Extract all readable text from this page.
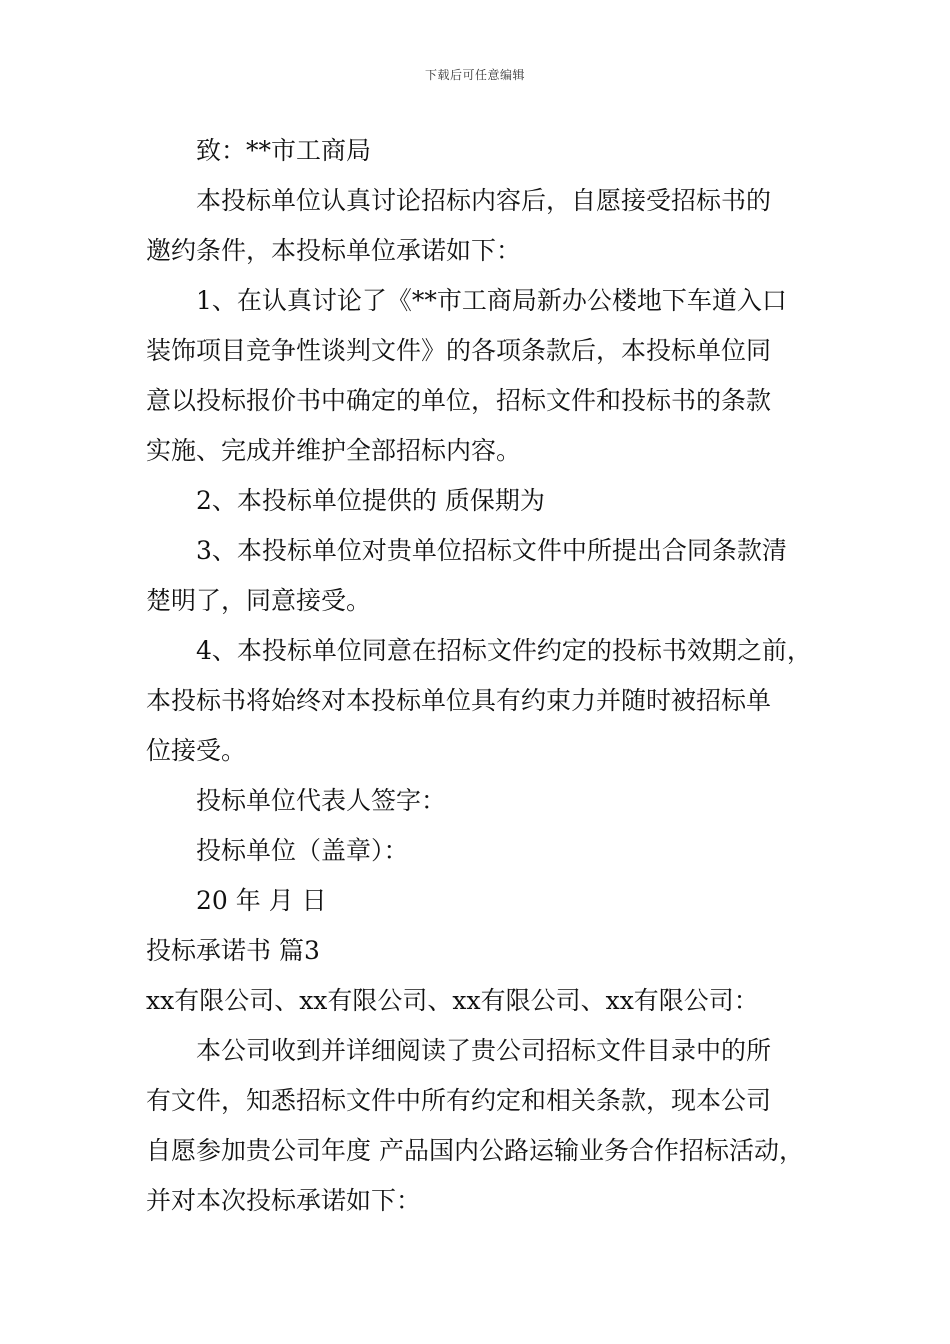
下载后可任意编辑
致：**市工商局
本投标单位认真讨论招标内容后，自愿接受招标书的
邀约条件，本投标单位承诺如下：
1、在认真讨论了《**市工商局新办公楼地下车道入口
装饰项目竞争性谈判文件》的各项条款后，本投标单位同
意以投标报价书中确定的单位，招标文件和投标书的条款
实施、完成并维护全部招标内容。
2、本投标单位提供的 质保期为
3、本投标单位对贵单位招标文件中所提出合同条款清
楚明了，同意接受。
4、本投标单位同意在招标文件约定的投标书效期之前，
本投标书将始终对本投标单位具有约束力并随时被招标单
位接受。
投标单位代表人签字：
投标单位（盖章）：
20 年 月 日
投标承诺书 篇3
xx有限公司、xx有限公司、xx有限公司、xx有限公司：
本公司收到并详细阅读了贵公司招标文件目录中的所
有文件，知悉招标文件中所有约定和相关条款，现本公司
自愿参加贵公司年度 产品国内公路运输业务合作招标活动，
并对本次投标承诺如下：
